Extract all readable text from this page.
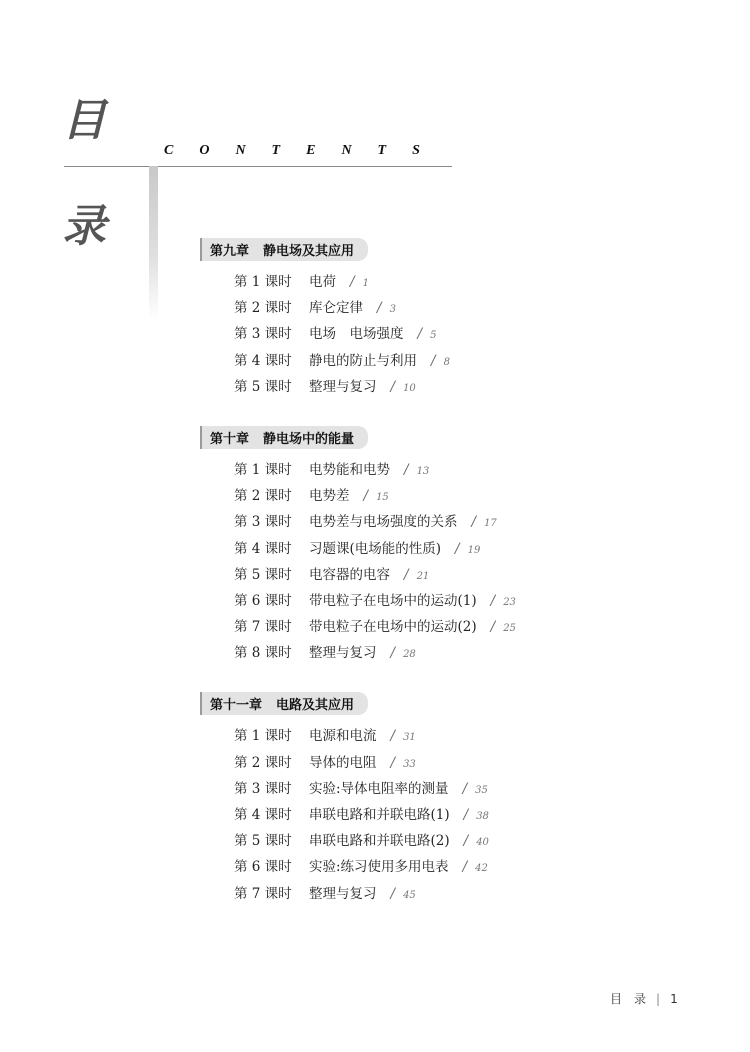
目
CONTENTS
录	第九章 静电场及其应用
第 1 课时 电荷 / 1
第 2 课时 库仑定律 / 3
第 3 课时 电场　电场强度 / 5
第 4 课时 静电的防止与利用 / 8
第 5 课时 整理与复习 / 10
第十章 静电场中的能量
第 1 课时 电势能和电势 / 13
第 2 课时 电势差 / 15
第 3 课时 电势差与电场强度的关系 / 17
第 4 课时 习题课(电场能的性质) / 19
第 5 课时 电容器的电容 / 21
第 6 课时 带电粒子在电场中的运动(1) / 23
第 7 课时 带电粒子在电场中的运动(2) / 25
第 8 课时 整理与复习 / 28
第十一章 电路及其应用
第 1 课时 电源和电流 / 31
第 2 课时 导体的电阻 / 33
第 3 课时 实验:导体电阻率的测量 / 35
第 4 课时 串联电路和并联电路(1) / 38
第 5 课时 串联电路和并联电路(2) / 40
第 6 课时 实验:练习使用多用电表 / 42
第 7 课时 整理与复习 / 45
目　录 | 1
